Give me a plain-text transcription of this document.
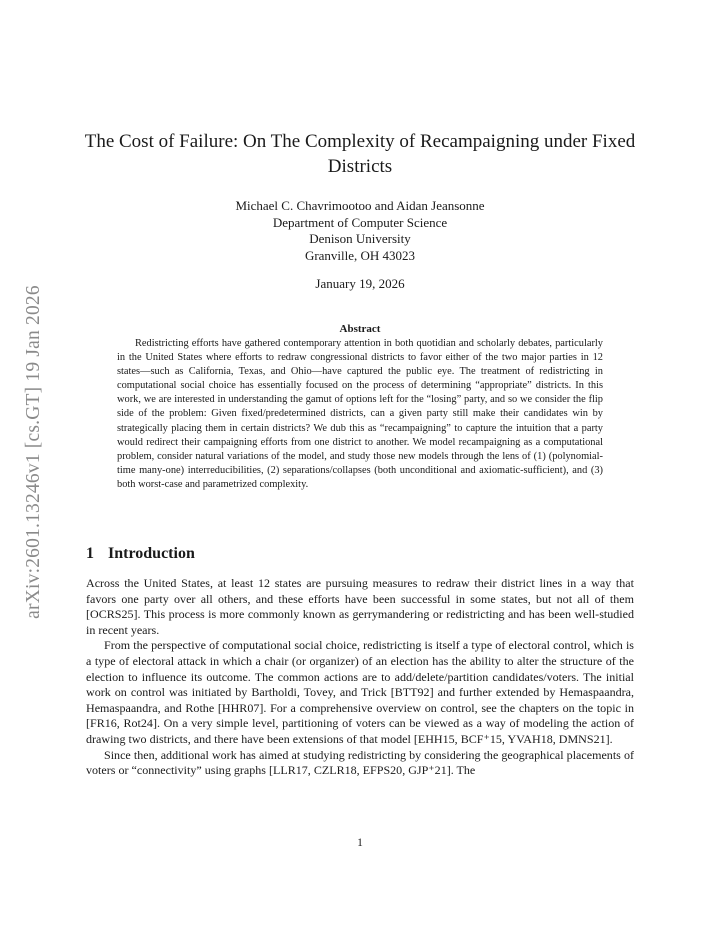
arXiv:2601.13246v1 [cs.GT] 19 Jan 2026
The Cost of Failure: On The Complexity of Recampaigning under Fixed Districts
Michael C. Chavrimootoo and Aidan Jeansonne
Department of Computer Science
Denison University
Granville, OH 43023
January 19, 2026
Abstract

Redistricting efforts have gathered contemporary attention in both quotidian and scholarly debates, particularly in the United States where efforts to redraw congressional districts to favor either of the two major parties in 12 states—such as California, Texas, and Ohio—have captured the public eye. The treatment of redistricting in computational social choice has essentially focused on the process of determining “appropriate” districts. In this work, we are interested in understanding the gamut of options left for the “losing” party, and so we consider the flip side of the problem: Given fixed/predetermined districts, can a given party still make their candidates win by strategically placing them in certain districts? We dub this as “recampaigning” to capture the intuition that a party would redirect their campaigning efforts from one district to another. We model recampaigning as a computational problem, consider natural variations of the model, and study those new models through the lens of (1) (polynomial-time many-one) interreducibilities, (2) separations/collapses (both unconditional and axiomatic-sufficient), and (3) both worst-case and parametrized complexity.

1 Introduction

Across the United States, at least 12 states are pursuing measures to redraw their district lines in a way that favors one party over all others, and these efforts have been successful in some states, but not all of them [OCRS25]. This process is more commonly known as gerrymandering or redistricting and has been well-studied in recent years.

From the perspective of computational social choice, redistricting is itself a type of electoral control, which is a type of electoral attack in which a chair (or organizer) of an election has the ability to alter the structure of the election to influence its outcome. The common actions are to add/delete/partition candidates/voters. The initial work on control was initiated by Bartholdi, Tovey, and Trick [BTT92] and further extended by Hemaspaandra, Hemaspaandra, and Rothe [HHR07]. For a comprehensive overview on control, see the chapters on the topic in [FR16, Rot24]. On a very simple level, partitioning of voters can be viewed as a way of modeling the action of drawing two districts, and there have been extensions of that model [EHH15, BCF⁺15, YVAH18, DMNS21].

Since then, additional work has aimed at studying redistricting by considering the geographical placements of voters or “connectivity” using graphs [LLR17, CZLR18, EFPS20, GJP⁺21]. The

1
